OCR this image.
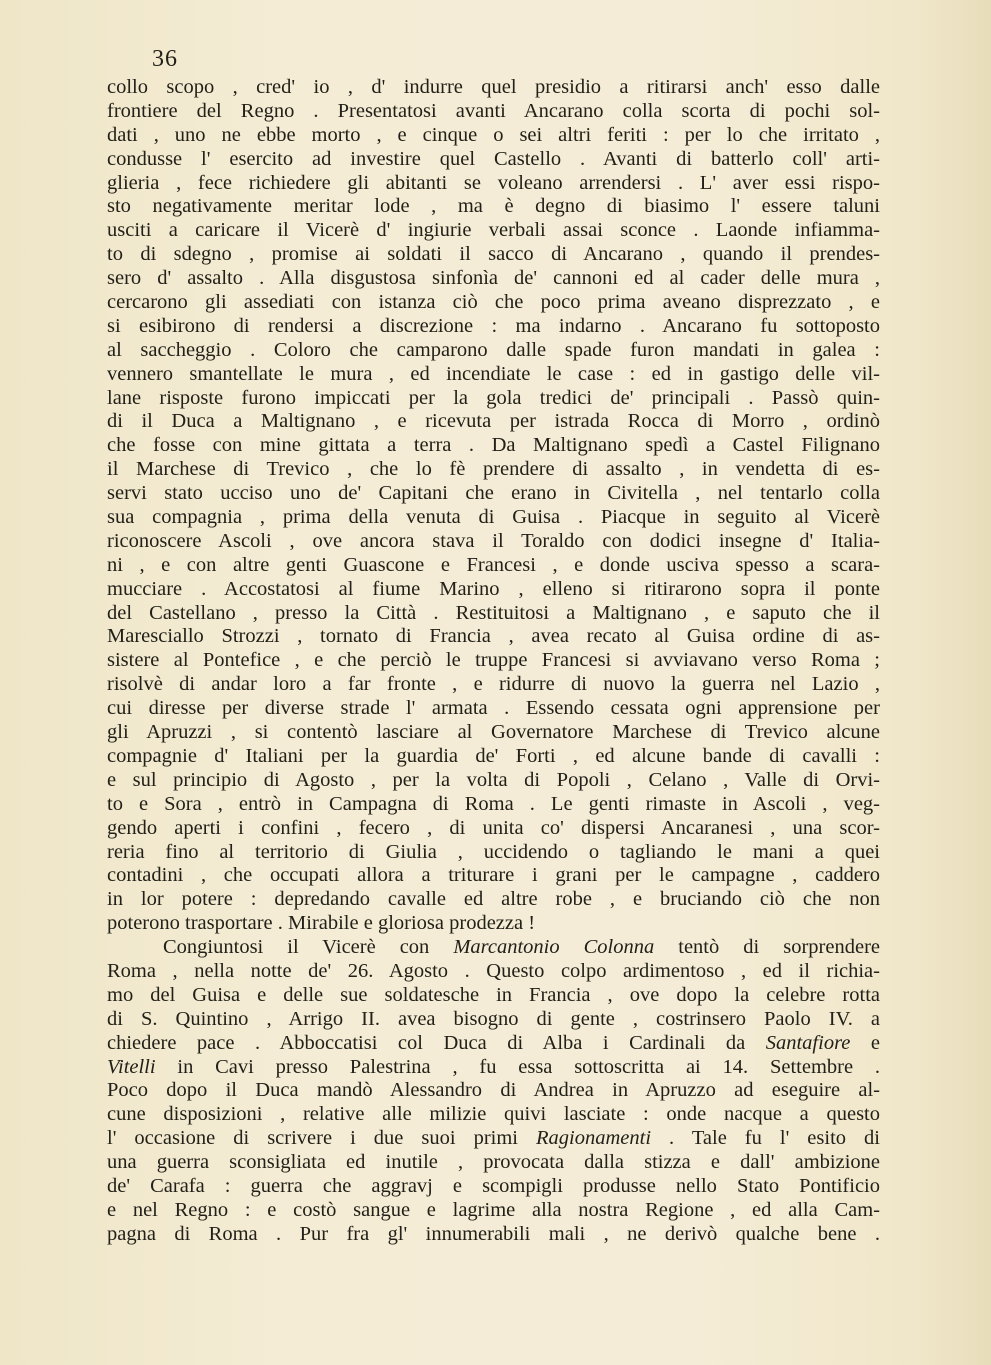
36
collo scopo , cred' io , d' indurre quel presidio a ritirarsi anch' esso dalle
frontiere del Regno . Presentatosi avanti Ancarano colla scorta di pochi sol-
dati , uno ne ebbe morto , e cinque o sei altri feriti : per lo che irritato ,
condusse l' esercito ad investire quel Castello . Avanti di batterlo coll' arti-
glieria , fece richiedere gli abitanti se voleano arrendersi . L' aver essi rispo-
sto negativamente meritar lode , ma è degno di biasimo l' essere taluni
usciti a caricare il Vicerè d' ingiurie verbali assai sconce . Laonde infiamma-
to di sdegno , promise ai soldati il sacco di Ancarano , quando il prendes-
sero d' assalto . Alla disgustosa sinfonìa de' cannoni ed al cader delle mura ,
cercarono gli assediati con istanza ciò che poco prima aveano disprezzato , e
si esibirono di rendersi a discrezione : ma indarno . Ancarano fu sottoposto
al saccheggio . Coloro che camparono dalle spade furon mandati in galea :
vennero smantellate le mura , ed incendiate le case : ed in gastigo delle vil-
lane risposte furono impiccati per la gola tredici de' principali . Passò quin-
di il Duca a Maltignano , e ricevuta per istrada Rocca di Morro , ordinò
che fosse con mine gittata a terra . Da Maltignano spedì a Castel Filignano
il Marchese di Trevico , che lo fè prendere di assalto , in vendetta di es-
servi stato ucciso uno de' Capitani che erano in Civitella , nel tentarlo colla
sua compagnia , prima della venuta di Guisa . Piacque in seguito al Vicerè
riconoscere Ascoli , ove ancora stava il Toraldo con dodici insegne d' Italia-
ni , e con altre genti Guascone e Francesi , e donde usciva spesso a scara-
mucciare . Accostatosi al fiume Marino , elleno si ritirarono sopra il ponte
del Castellano , presso la Città . Restituitosi a Maltignano , e saputo che il
Maresciallo Strozzi , tornato di Francia , avea recato al Guisa ordine di as-
sistere al Pontefice , e che perciò le truppe Francesi si avviavano verso Roma ;
risolvè di andar loro a far fronte , e ridurre di nuovo la guerra nel Lazio ,
cui diresse per diverse strade l' armata . Essendo cessata ogni apprensione per
gli Apruzzi , si contentò lasciare al Governatore Marchese di Trevico alcune
compagnie d' Italiani per la guardia de' Forti , ed alcune bande di cavalli :
e sul principio di Agosto , per la volta di Popoli , Celano , Valle di Orvi-
to e Sora , entrò in Campagna di Roma . Le genti rimaste in Ascoli , veg-
gendo aperti i confini , fecero , di unita co' dispersi Ancaranesi , una scor-
reria fino al territorio di Giulia , uccidendo o tagliando le mani a quei
contadini , che occupati allora a triturare i grani per le campagne , caddero
in lor potere : depredando cavalle ed altre robe , e bruciando ciò che non
poterono trasportare . Mirabile e gloriosa prodezza !
Congiuntosi il Vicerè con Marcantonio Colonna tentò di sorprendere
Roma , nella notte de' 26. Agosto . Questo colpo ardimentoso , ed il richia-
mo del Guisa e delle sue soldatesche in Francia , ove dopo la celebre rotta
di S. Quintino , Arrigo II. avea bisogno di gente , costrinsero Paolo IV. a
chiedere pace . Abboccatisi col Duca di Alba i Cardinali da Santafiore e
Vitelli in Cavi presso Palestrina , fu essa sottoscritta ai 14. Settembre .
Poco dopo il Duca mandò Alessandro di Andrea in Apruzzo ad eseguire al-
cune disposizioni , relative alle milizie quivi lasciate : onde nacque a questo
l' occasione di scrivere i due suoi primi Ragionamenti . Tale fu l' esito di
una guerra sconsigliata ed inutile , provocata dalla stizza e dall' ambizione
de' Carafa : guerra che aggravj e scompigli produsse nello Stato Pontificio
e nel Regno : e costò sangue e lagrime alla nostra Regione , ed alla Cam-
pagna di Roma . Pur fra gl' innumerabili mali , ne derivò qualche bene .
